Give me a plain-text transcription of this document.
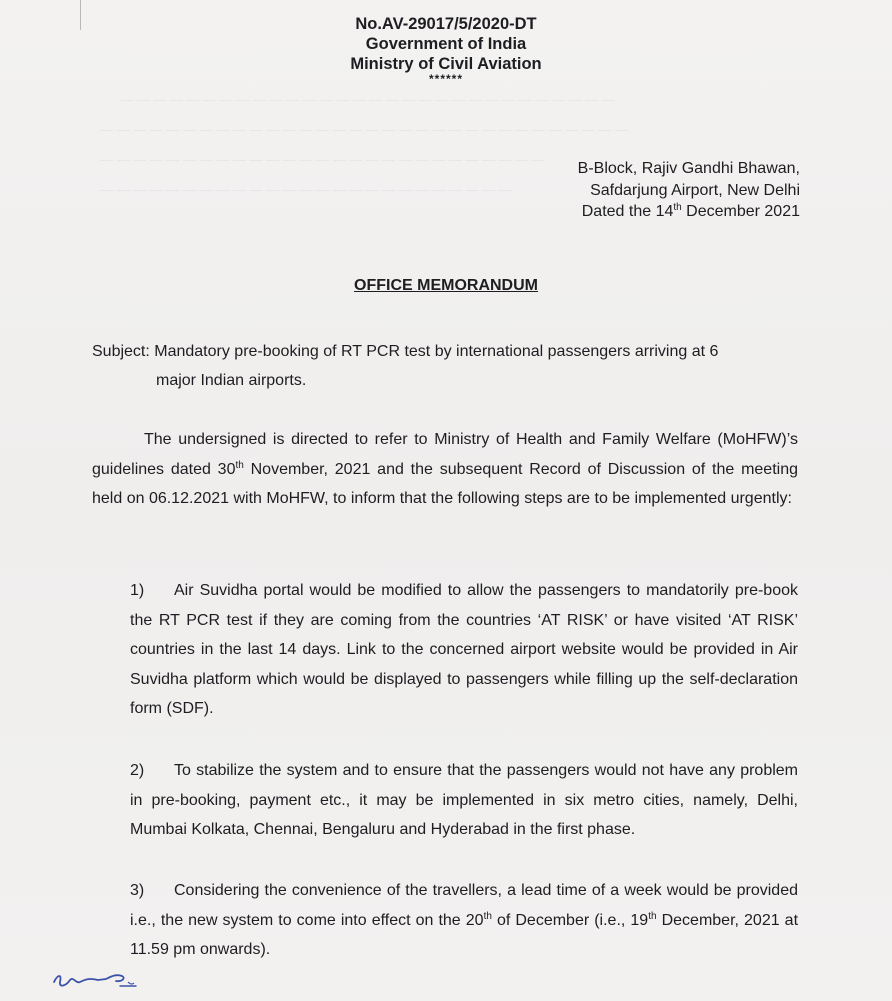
— — — — — — — — — — — — — — — — — — — — — — — — — — — — — —
— — — — — — — — — — — — — — — — — — — — — — — — — — — — — — — —
— — — — — — — — — — — — — — — — — — — — — — — — — — —
— — — — — — — — — — — — — — — — — — — — — — — — —
No.AV-29017/5/2020-DT
Government of India
Ministry of Civil Aviation
******
B-Block, Rajiv Gandhi Bhawan,
Safdarjung Airport, New Delhi
Dated the 14th December 2021
OFFICE MEMORANDUM
Subject: Mandatory pre-booking of RT PCR test by international passengers arriving at 6
major Indian airports.
The undersigned is directed to refer to Ministry of Health and Family Welfare (MoHFW)’s guidelines dated 30th November, 2021 and the subsequent Record of Discussion of the meeting held on 06.12.2021 with MoHFW, to inform that the following steps are to be implemented urgently:
1) Air Suvidha portal would be modified to allow the passengers to mandatorily pre-book the RT PCR test if they are coming from the countries ‘AT RISK’ or have visited ‘AT RISK’ countries in the last 14 days. Link to the concerned airport website would be provided in Air Suvidha platform which would be displayed to passengers while filling up the self-declaration form (SDF).
2) To stabilize the system and to ensure that the passengers would not have any problem in pre-booking, payment etc., it may be implemented in six metro cities, namely, Delhi, Mumbai Kolkata, Chennai, Bengaluru and Hyderabad in the first phase.
3) Considering the convenience of the travellers, a lead time of a week would be provided i.e., the new system to come into effect on the 20th of December (i.e., 19th December, 2021 at 11.59 pm onwards).
